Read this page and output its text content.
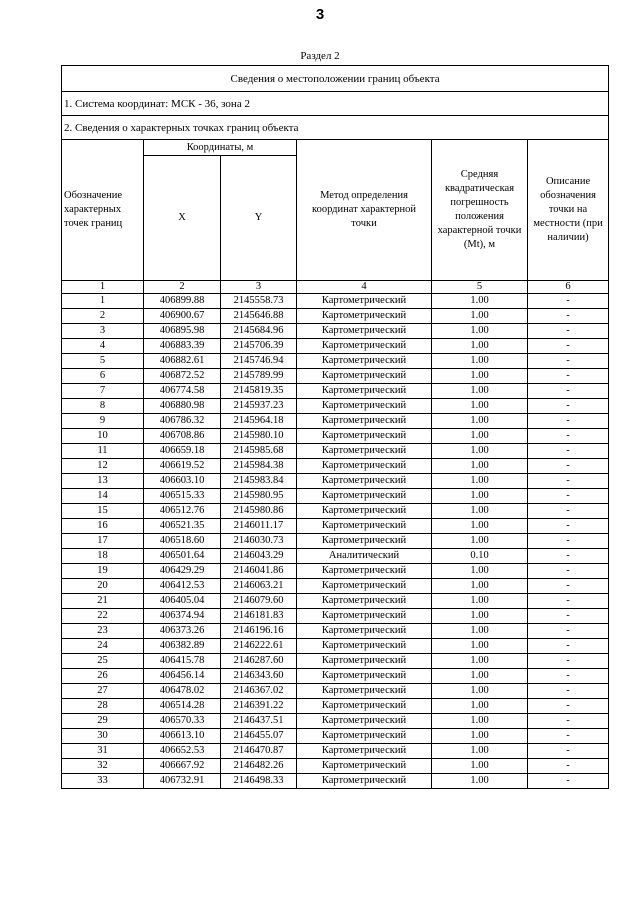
3
Раздел 2
Сведения о местоположении границ объекта					
1. Система координат: МСК - 36, зона 2					
2. Сведения о характерных точках границ объекта					
Обозначение характерных точек границ	Координаты, м		Метод определения координат характерной точки	Средняя квадратическая погрешность положения характерной точки (Mt), м	Описание обозначения точки на местности (при наличии)
	X	Y			
1	2	3	4	5	6
1	406899.88	2145558.73	Картометрический	1.00	-
2	406900.67	2145646.88	Картометрический	1.00	-
3	406895.98	2145684.96	Картометрический	1.00	-
4	406883.39	2145706.39	Картометрический	1.00	-
5	406882.61	2145746.94	Картометрический	1.00	-
6	406872.52	2145789.99	Картометрический	1.00	-
7	406774.58	2145819.35	Картометрический	1.00	-
8	406880.98	2145937.23	Картометрический	1.00	-
9	406786.32	2145964.18	Картометрический	1.00	-
10	406708.86	2145980.10	Картометрический	1.00	-
11	406659.18	2145985.68	Картометрический	1.00	-
12	406619.52	2145984.38	Картометрический	1.00	-
13	406603.10	2145983.84	Картометрический	1.00	-
14	406515.33	2145980.95	Картометрический	1.00	-
15	406512.76	2145980.86	Картометрический	1.00	-
16	406521.35	2146011.17	Картометрический	1.00	-
17	406518.60	2146030.73	Картометрический	1.00	-
18	406501.64	2146043.29	Аналитический	0.10	-
19	406429.29	2146041.86	Картометрический	1.00	-
20	406412.53	2146063.21	Картометрический	1.00	-
21	406405.04	2146079.60	Картометрический	1.00	-
22	406374.94	2146181.83	Картометрический	1.00	-
23	406373.26	2146196.16	Картометрический	1.00	-
24	406382.89	2146222.61	Картометрический	1.00	-
25	406415.78	2146287.60	Картометрический	1.00	-
26	406456.14	2146343.60	Картометрический	1.00	-
27	406478.02	2146367.02	Картометрический	1.00	-
28	406514.28	2146391.22	Картометрический	1.00	-
29	406570.33	2146437.51	Картометрический	1.00	-
30	406613.10	2146455.07	Картометрический	1.00	-
31	406652.53	2146470.87	Картометрический	1.00	-
32	406667.92	2146482.26	Картометрический	1.00	-
33	406732.91	2146498.33	Картометрический	1.00	-
